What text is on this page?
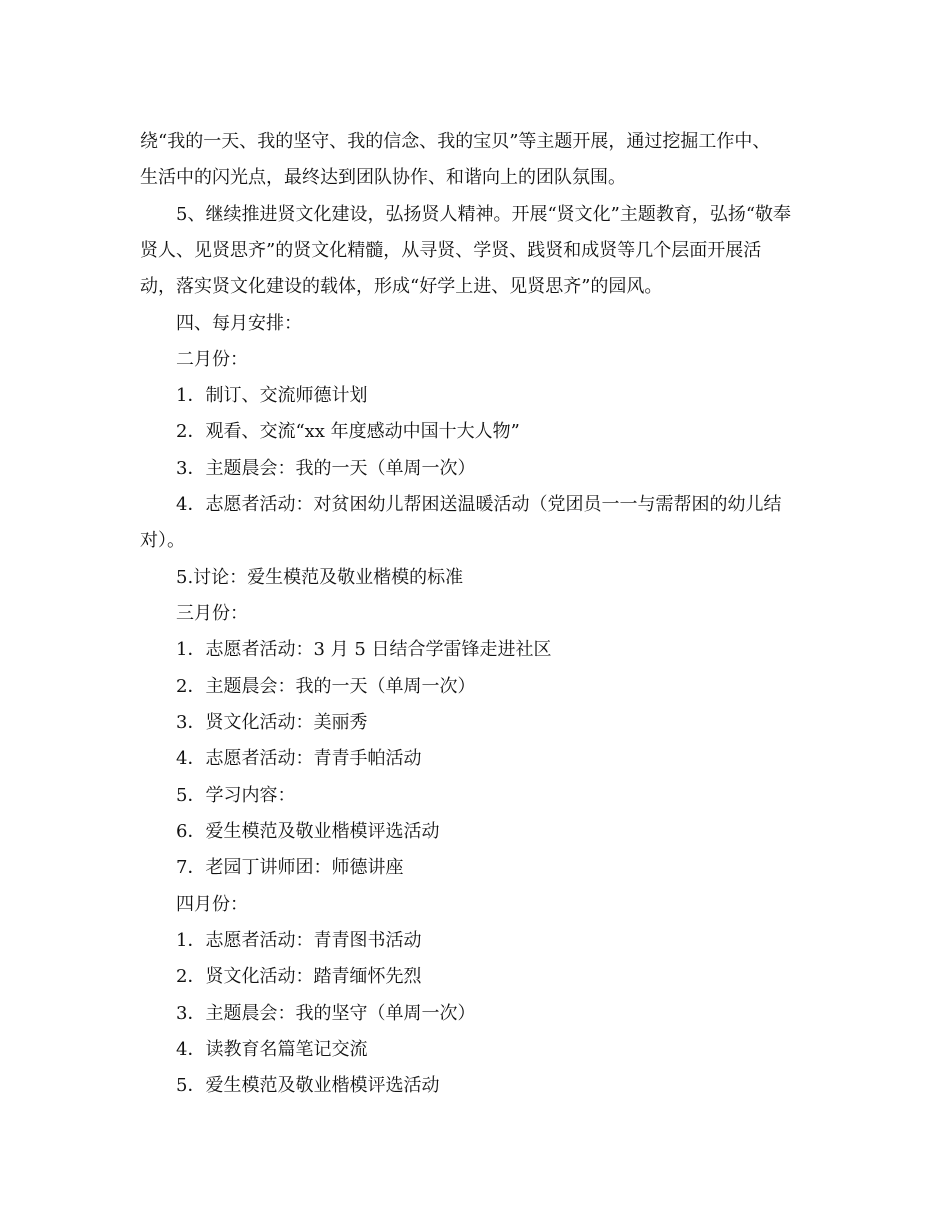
绕“我的一天、我的坚守、我的信念、我的宝贝”等主题开展，通过挖掘工作中、
生活中的闪光点，最终达到团队协作、和谐向上的团队氛围。
5、继续推进贤文化建设，弘扬贤人精神。开展“贤文化”主题教育，弘扬“敬奉
贤人、见贤思齐”的贤文化精髓，从寻贤、学贤、践贤和成贤等几个层面开展活
动，落实贤文化建设的载体，形成“好学上进、见贤思齐”的园风。
四、每月安排：
二月份：
1．制订、交流师德计划
2．观看、交流“xx 年度感动中国十大人物”
3．主题晨会：我的一天（单周一次）
4．志愿者活动：对贫困幼儿帮困送温暖活动（党团员一一与需帮困的幼儿结
对）。
5.讨论：爱生模范及敬业楷模的标准
三月份：
1．志愿者活动：3 月 5 日结合学雷锋走进社区
2．主题晨会：我的一天（单周一次）
3．贤文化活动：美丽秀
4．志愿者活动：青青手帕活动
5．学习内容：
6．爱生模范及敬业楷模评选活动
7．老园丁讲师团：师德讲座
四月份：
1．志愿者活动：青青图书活动
2．贤文化活动：踏青缅怀先烈
3．主题晨会：我的坚守（单周一次）
4．读教育名篇笔记交流
5．爱生模范及敬业楷模评选活动
